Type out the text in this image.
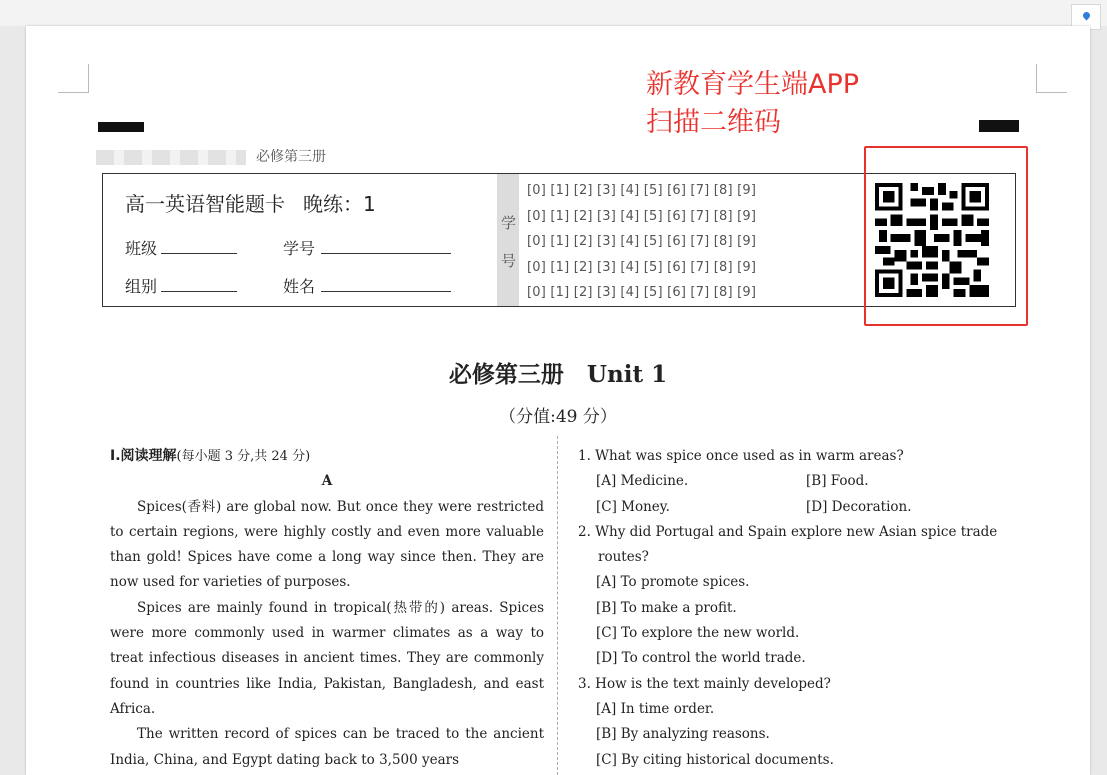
新教育学生端APP
扫描二维码
必修第三册
高一英语智能题卡 晚练：1
班级	学号
组别	姓名
学
号
[0] [1] [2] [3] [4] [5] [6] [7] [8] [9]
[0] [1] [2] [3] [4] [5] [6] [7] [8] [9]
[0] [1] [2] [3] [4] [5] [6] [7] [8] [9]
[0] [1] [2] [3] [4] [5] [6] [7] [8] [9]
[0] [1] [2] [3] [4] [5] [6] [7] [8] [9]
必修第三册　Unit 1
（分值:49 分）
Ⅰ.阅读理解(每小题 3 分,共 24 分)
A

Spices(香料) are global now. But once they were restricted to certain regions, were highly costly and even more valuable than gold! Spices have come a long way since then. They are now used for varieties of purposes.

Spices are mainly found in tropical(热带的) areas. Spices were more commonly used in warmer climates as a way to treat infectious diseases in ancient times. They are commonly found in countries like India, Pakistan, Bangladesh, and east Africa.

The written record of spices can be traced to the ancient India, China, and Egypt dating back to 3,500 years

1. What was spice once used as in warm areas?

[A] Medicine.	[B] Food.
[C] Money.	[D] Decoration.

2. Why did Portugal and Spain explore new Asian spice trade routes?

[A] To promote spices.

[B] To make a profit.

[C] To explore the new world.

[D] To control the world trade.

3. How is the text mainly developed?

[A] In time order.

[B] By analyzing reasons.

[C] By citing historical documents.
